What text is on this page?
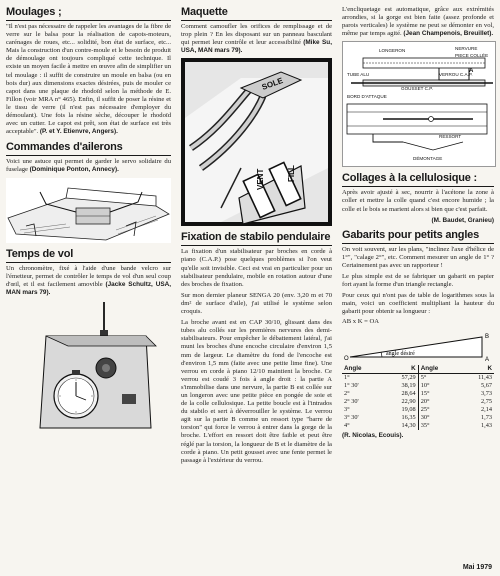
Moulages ;

"Il n'est pas nécessaire de rappeler les avantages de la fibre de verre sur le balsa pour la réalisation de capots-moteurs, carénages de roues, etc... solidité, bon état de surface, etc... Mais la construction d'un contre-moule et le besoin de produit de démoulage ont toujours compliqué cette technique. Il existe un moyen facile à mettre en œuvre afin de simplifier un tel moulage : il suffit de construire un moule en balsa (ou en bois dur) aux dimensions exactes désirées, puis de mouler ce capot dans une plaque de rhodoïd selon la méthode de E. Fillon (voir MRA n° 465). Enfin, il suffit de poser la résine et le tissu de verre (il n'est pas nécessaire d'employer du démoulant). Une fois la résine sèche, découper le rhodoïd avec un cutter. Le capot est prêt, son état de surface est très acceptable". (P. et Y. Etienvre, Angers).

Commandes d'ailerons

Voici une astuce qui permet de garder le servo solidaire du fuselage (Dominique Ponton, Annecy).

Temps de vol

Un chronomètre, fixé à l'aide d'une bande velcro sur l'émetteur, permet de contrôler le temps de vol d'un seul coup d'œil, et il est facilement amovible (Jacke Schultz, USA, MAN mars 79).

Maquette

Comment camoufler les orifices de remplissage et de trop plein ? En les disposant sur un panneau basculant qui permet leur contrôle et leur accessibilité (Mike Su, USA, MAN mars 79).

SOLE
VENT	FILL
Fixation de stabilo pendulaire

La fixation d'un stabilisateur par broches en corde à piano (C.A.P.) pose quelques problèmes si l'on veut qu'elle soit invisible. Ceci est vrai en particulier pour un stabilisateur pendulaire, mobile en rotation autour d'une des broches de fixation.

Sur mon dernier planeur SENGA 20 (env. 3,20 m et 70 dm² de surface d'aile), j'ai utilisé le système selon croquis.

La broche avant est en CAP 30/10, glissant dans des tubes alu collés sur les premières nervures des demi-stabilisateurs. Pour empêcher le débattement latéral, j'ai muni les broches d'une encoche circulaire d'environ 1,5 mm de largeur. Le diamètre du fond de l'encoche est d'environ 1,5 mm (faite avec une petite lime fine). Une verrou en corde à piano 12/10 maintient la broche. Ce verrou est coudé 3 fois à angle droit : la partie A s'immobilise dans une nervure, la partie B est collée sur un longeron avec une petite pièce en pongée de soie et de la colle cellulosique. La petite boucle est à l'intrados du stabilo et sert à déverrouiller le système. Le verrou agit sur la partie B comme un ressort type "barre de torsion" qui force le verrou à entrer dans la gorge de la broche. L'effort en ressort doit être faible et peut être réglé par la torsion, la longueur de B et le diamètre de la corde à piano. Un petit gousset avec une fente permet le passage à l'extérieur du verrou.

L'encliquetage est automatique, grâce aux extrémités arrondies, si la gorge est bien faite (assez profonde et parois verticales) le système ne peut se démonter en vol, même par temps agité. (Jean Champenois, Breuillet).

LONGERON	NERVURE
PIECE COLLÉE
TUBE ALU	VERROU C.A.P.
GOUSSET C.P.
BORD D'ATTAQUE
RESSORT
DÉMONTAGE
A
Collages à la cellulosique :

Après avoir ajusté à sec, nourrir à l'acétone la zone à coller et mettre la colle quand c'est encore humide ; la colle et le bois se marient alors si bien que c'est parfait.

(M. Baudet, Granieu)

Gabarits pour petits angles

On voit souvent, sur les plans, "inclinez l'axe d'hélice de 1°", "calage 2°", etc. Comment mesurer un angle de 1° ? Certainement pas avec un rapporteur !

Le plus simple est de se fabriquer un gabarit en papier fort ayant la forme d'un triangle rectangle.

Pour ceux qui n'ont pas de table de logarithmes sous la main, voici un coefficient multipliant la hauteur du gabarit pour obtenir sa longueur :

AB x K = OA

O	A
B
angle désiré
Angle	K	Angle	K
1°	57,29	5°	11,43
1° 30'	38,19	10°	5,67
2°	28,64	15°	3,73
2° 30'	22,90	20°	2,75
3°	19,08	25°	2,14
3° 30'	16,35	30°	1,73
4°	14,30	35°	1,43

(R. Nicolas, Ecouis).

Mai 1979
